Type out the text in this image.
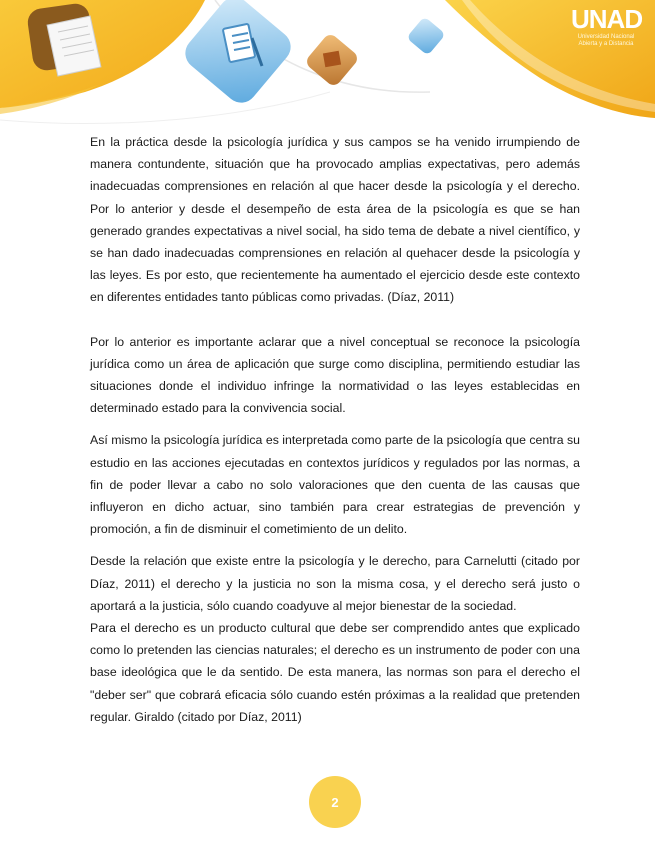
UNAD
Universidad Nacional
Abierta y a Distancia

En la práctica desde la psicología jurídica y sus campos se ha venido irrumpiendo de manera contundente, situación que ha provocado amplias expectativas, pero además inadecuadas comprensiones en relación al que hacer desde la psicología y el derecho. Por lo anterior y desde el desempeño de esta área de la psicología es que se han generado grandes expectativas a nivel social, ha sido tema de debate a nivel científico, y se han dado inadecuadas comprensiones en relación al quehacer desde la psicología y las leyes. Es por esto, que recientemente ha aumentado el ejercicio desde este contexto en diferentes entidades tanto públicas como privadas. (Díaz, 2011)

Por lo anterior es importante aclarar que a nivel conceptual se reconoce la psicología jurídica como un área de aplicación que surge como disciplina, permitiendo estudiar las situaciones donde el individuo infringe la normatividad o las leyes establecidas en determinado estado para la convivencia social.

Así mismo la psicología jurídica es interpretada como parte de la psicología que centra su estudio en las acciones ejecutadas en contextos jurídicos y regulados por las normas, a fin de poder llevar a cabo no solo valoraciones que den cuenta de las causas que influyeron en dicho actuar, sino también para crear estrategias de prevención y promoción, a fin de disminuir el cometimiento de un delito.

Desde la relación que existe entre la psicología y le derecho, para Carnelutti (citado por Díaz, 2011) el derecho y la justicia no son la misma cosa, y el derecho será justo o aportará a la justicia, sólo cuando coadyuve al mejor bienestar de la sociedad.

Para el derecho es un producto cultural que debe ser comprendido antes que explicado como lo pretenden las ciencias naturales; el derecho es un instrumento de poder con una base ideológica que le da sentido. De esta manera, las normas son para el derecho el "deber ser" que cobrará eficacia sólo cuando estén próximas a la realidad que pretenden regular. Giraldo (citado por Díaz, 2011)

2
